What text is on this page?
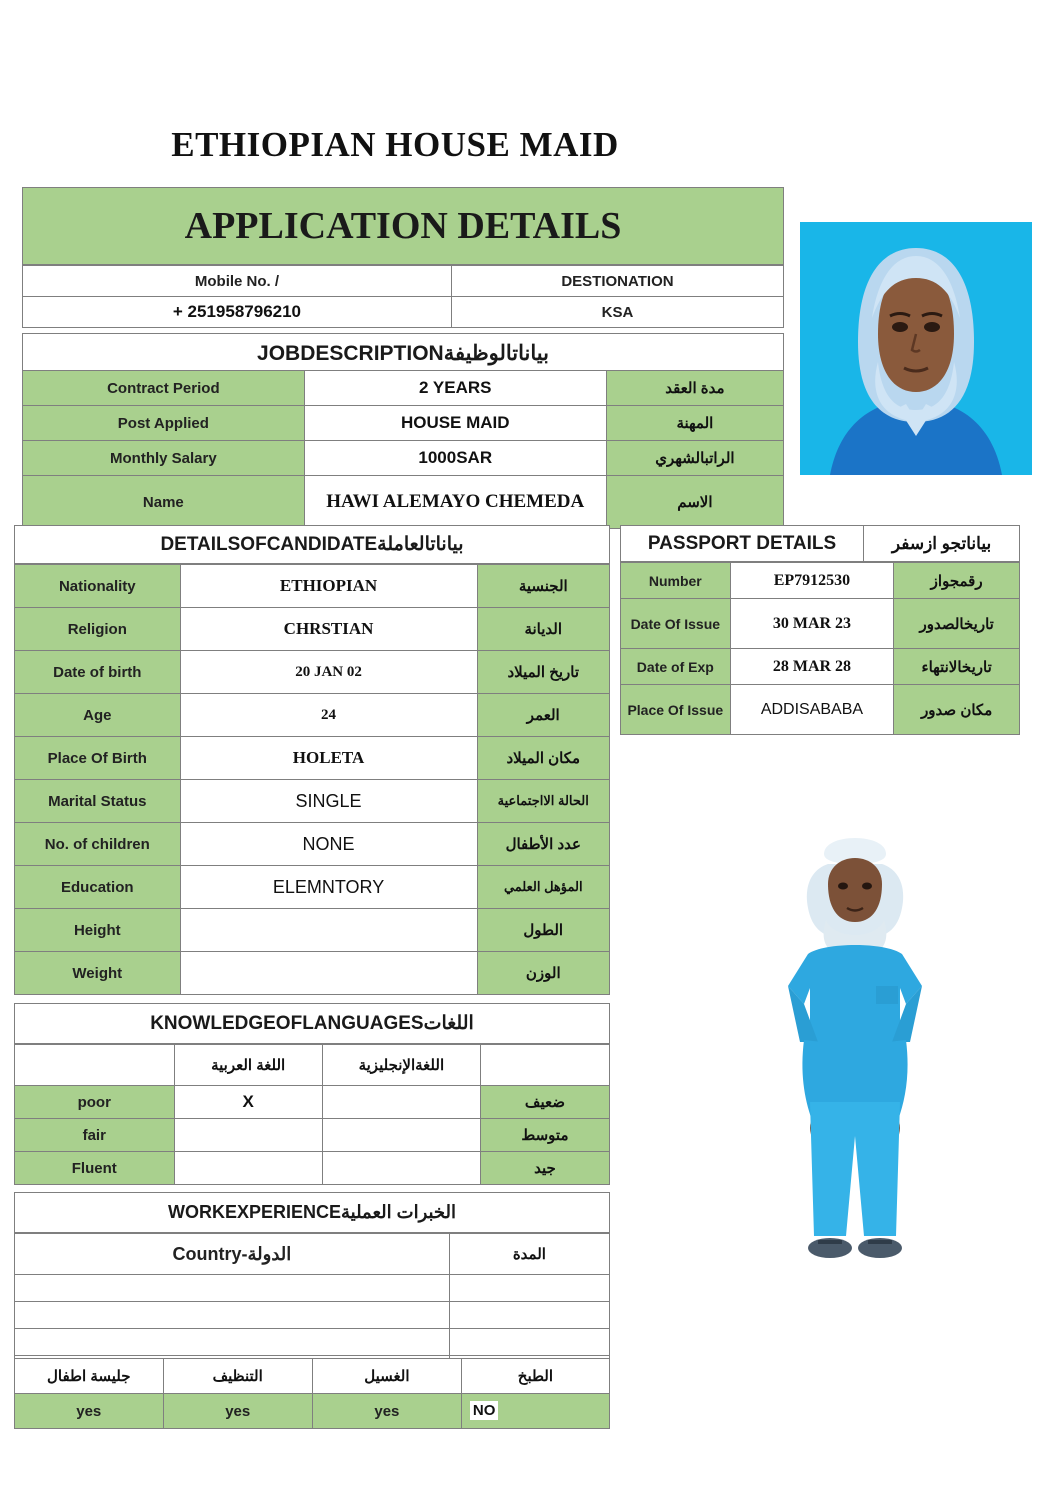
ETHIOPIAN HOUSE MAID
APPLICATION DETAILS
Mobile No. /	DESTIONATION
+ 251958796210	KSA
JOBDESCRIPTIONبياناتالوظيفة
Contract Period	2 YEARS	مدة العقد
Post Applied	HOUSE MAID	المهنة
Monthly Salary	1000SAR	الراتبالشهري
Name	HAWI ALEMAYO CHEMEDA	الاسم
DETAILSOFCANDIDATEبياناتالعاملة
Nationality	ETHIOPIAN	الجنسية
Religion	CHRSTIAN	الديانة
Date of birth	20 JAN 02	تاريخ الميلاد
Age	24	العمر
Place Of Birth	HOLETA	مكان الميلاد
Marital Status	SINGLE	الحالة الااجتماعية
No. of children	NONE	عدد الأطفال
Education	ELEMNTORY	المؤهل العلمي
Height		الطول
Weight		الوزن
PASSPORT DETAILS	بياناتجو ازسفر
Number	EP7912530	رقمجواز
Date Of Issue	30 MAR 23	تاريخالصدور
Date of Exp	28 MAR 28	تاريخالانتهاء
Place Of Issue	ADDISABABA	مكان صدور
KNOWLEDGEOFLANGUAGESاللغات
	اللغة العربية	اللغةالإنجليزية	
poor	X		ضعيف
fair			متوسط
Fluent			جيد
WORKEXPERIENCEالخبرات العملية
Country-الدولة	المدة

جليسة اطفال	التنظيف	الغسيل	الطبخ
yes	yes	yes	NO
